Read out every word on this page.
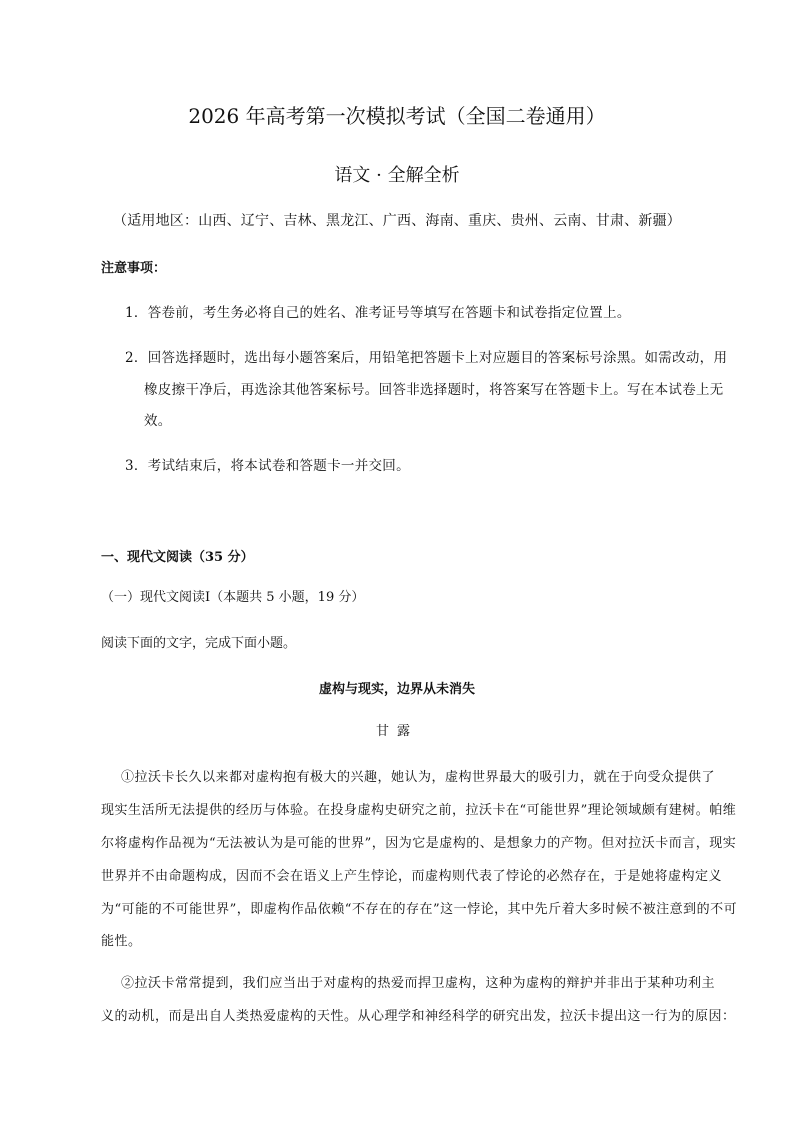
2026 年高考第一次模拟考试（全国二卷通用）
语文 · 全解全析
（适用地区：山西、辽宁、吉林、黑龙江、广西、海南、重庆、贵州、云南、甘肃、新疆）
注意事项：
1．答卷前，考生务必将自己的姓名、准考证号等填写在答题卡和试卷指定位置上。
2．回答选择题时，选出每小题答案后，用铅笔把答题卡上对应题目的答案标号涂黑。如需改动，用
橡皮擦干净后，再选涂其他答案标号。回答非选择题时，将答案写在答题卡上。写在本试卷上无
效。
3．考试结束后，将本试卷和答题卡一并交回。
一、现代文阅读（35 分）
（一）现代文阅读Ⅰ（本题共 5 小题，19 分）
阅读下面的文字，完成下面小题。
虚构与现实，边界从未消失
甘露
①拉沃卡长久以来都对虚构抱有极大的兴趣，她认为，虚构世界最大的吸引力，就在于向受众提供了
现实生活所无法提供的经历与体验。在投身虚构史研究之前，拉沃卡在“可能世界”理论领域颇有建树。帕维
尔将虚构作品视为“无法被认为是可能的世界”，因为它是虚构的、是想象力的产物。但对拉沃卡而言，现实
世界并不由命题构成，因而不会在语义上产生悖论，而虚构则代表了悖论的必然存在，于是她将虚构定义
为“可能的不可能世界”，即虚构作品依赖“不存在的存在”这一悖论，其中先斤着大多时候不被注意到的不可
能性。
②拉沃卡常常提到，我们应当出于对虚构的热爱而捍卫虚构，这种为虚构的辩护并非出于某种功利主
义的动机，而是出自人类热爱虚构的天性。从心理学和神经科学的研究出发，拉沃卡提出这一行为的原因：
